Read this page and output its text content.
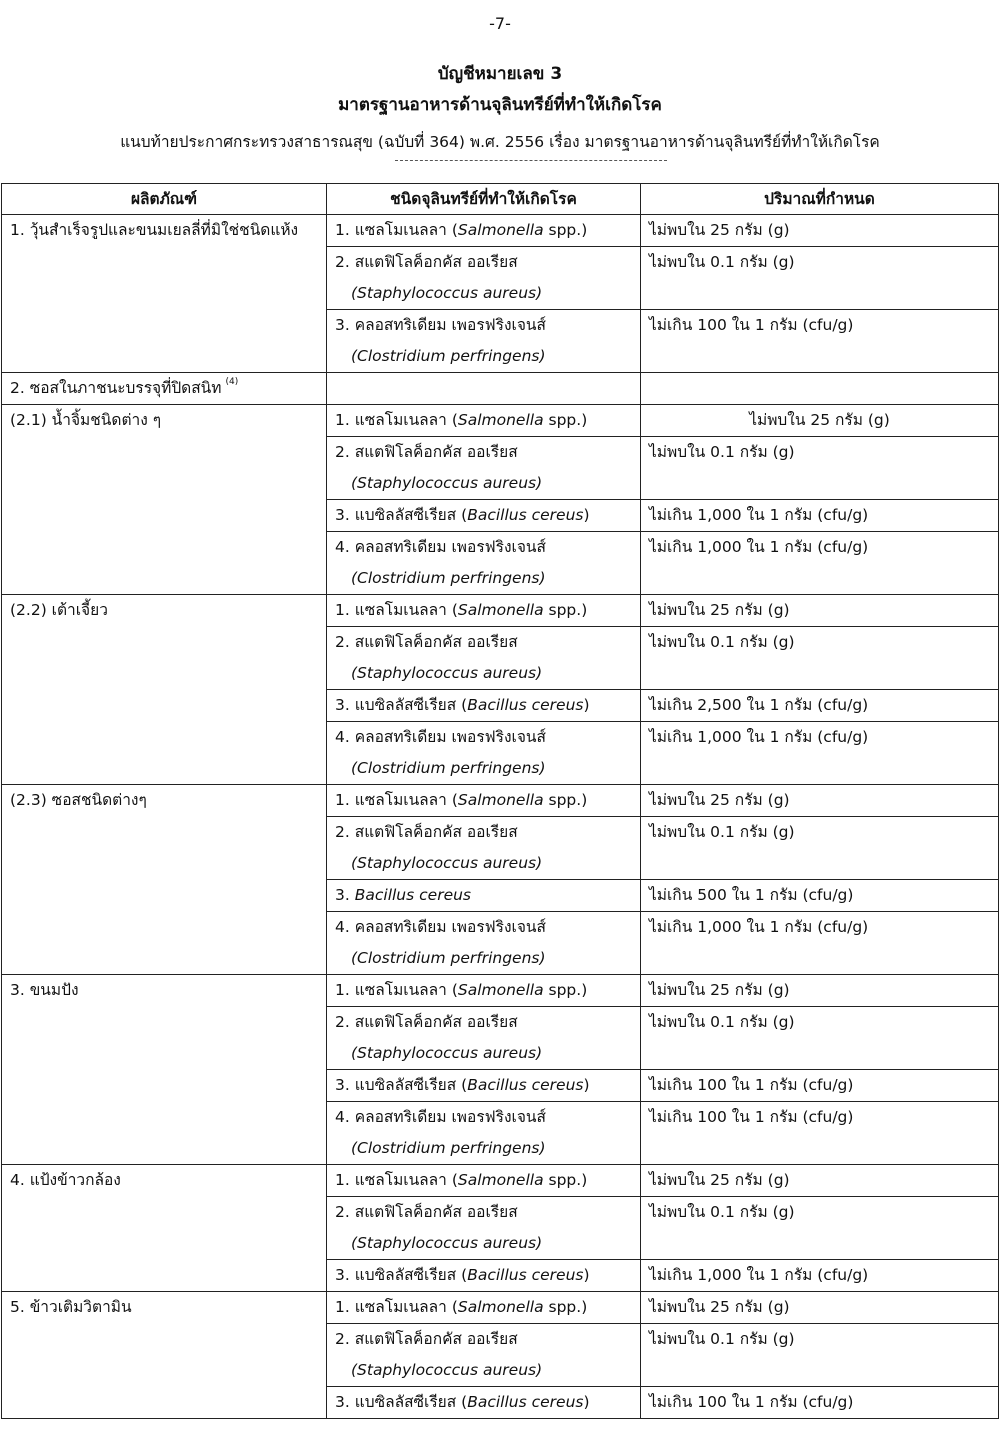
-7-
บัญชีหมายเลข 3
มาตรฐานอาหารด้านจุลินทรีย์ที่ทำให้เกิดโรค
แนบท้ายประกาศกระทรวงสาธารณสุข (ฉบับที่ 364) พ.ศ. 2556 เรื่อง มาตรฐานอาหารด้านจุลินทรีย์ที่ทำให้เกิดโรค
ผลิตภัณฑ์	ชนิดจุลินทรีย์ที่ทำให้เกิดโรค	ปริมาณที่กำหนด
1. วุ้นสำเร็จรูปและขนมเยลลี่ที่มิใช่ชนิดแห้ง	1. แซลโมเนลลา (Salmonella spp.)	ไม่พบใน 25 กรัม (g)
	2. สแตฟิโลค็อกคัส ออเรียส
(Staphylococcus aureus)	ไม่พบใน 0.1 กรัม (g)
	3. คลอสทริเดียม เพอรฟริงเจนส์
(Clostridium perfringens)	ไม่เกิน 100 ใน 1 กรัม (cfu/g)
2. ซอสในภาชนะบรรจุที่ปิดสนิท $^{(4)}$		
(2.1) น้ำจิ้มชนิดต่าง ๆ	1. แซลโมเนลลา (Salmonella spp.)	ไม่พบใน 25 กรัม (g)
	2. สแตฟิโลค็อกคัส ออเรียส
(Staphylococcus aureus)	ไม่พบใน 0.1 กรัม (g)
	3. แบซิลลัสซีเรียส (Bacillus cereus)	ไม่เกิน 1,000 ใน 1 กรัม (cfu/g)
	4. คลอสทริเดียม เพอรฟริงเจนส์
(Clostridium perfringens)	ไม่เกิน 1,000 ใน 1 กรัม (cfu/g)
(2.2) เต้าเจี้ยว	1. แซลโมเนลลา (Salmonella spp.)	ไม่พบใน 25 กรัม (g)
	2. สแตฟิโลค็อกคัส ออเรียส
(Staphylococcus aureus)	ไม่พบใน 0.1 กรัม (g)
	3. แบซิลลัสซีเรียส (Bacillus cereus)	ไม่เกิน 2,500 ใน 1 กรัม (cfu/g)
	4. คลอสทริเดียม เพอรฟริงเจนส์
(Clostridium perfringens)	ไม่เกิน 1,000 ใน 1 กรัม (cfu/g)
(2.3) ซอสชนิดต่างๆ	1. แซลโมเนลลา (Salmonella spp.)	ไม่พบใน 25 กรัม (g)
	2. สแตฟิโลค็อกคัส ออเรียส
(Staphylococcus aureus)	ไม่พบใน 0.1 กรัม (g)
	3. Bacillus cereus	ไม่เกิน 500 ใน 1 กรัม (cfu/g)
	4. คลอสทริเดียม เพอรฟริงเจนส์
(Clostridium perfringens)	ไม่เกิน 1,000 ใน 1 กรัม (cfu/g)
3. ขนมปัง	1. แซลโมเนลลา (Salmonella spp.)	ไม่พบใน 25 กรัม (g)
	2. สแตฟิโลค็อกคัส ออเรียส
(Staphylococcus aureus)	ไม่พบใน 0.1 กรัม (g)
	3. แบซิลลัสซีเรียส (Bacillus cereus)	ไม่เกิน 100 ใน 1 กรัม (cfu/g)
	4. คลอสทริเดียม เพอรฟริงเจนส์
(Clostridium perfringens)	ไม่เกิน 100 ใน 1 กรัม (cfu/g)
4. แป้งข้าวกล้อง	1. แซลโมเนลลา (Salmonella spp.)	ไม่พบใน 25 กรัม (g)
	2. สแตฟิโลค็อกคัส ออเรียส
(Staphylococcus aureus)	ไม่พบใน 0.1 กรัม (g)
	3. แบซิลลัสซีเรียส (Bacillus cereus)	ไม่เกิน 1,000 ใน 1 กรัม (cfu/g)
5. ข้าวเติมวิตามิน	1. แซลโมเนลลา (Salmonella spp.)	ไม่พบใน 25 กรัม (g)
	2. สแตฟิโลค็อกคัส ออเรียส
(Staphylococcus aureus)	ไม่พบใน 0.1 กรัม (g)
	3. แบซิลลัสซีเรียส (Bacillus cereus)	ไม่เกิน 100 ใน 1 กรัม (cfu/g)
